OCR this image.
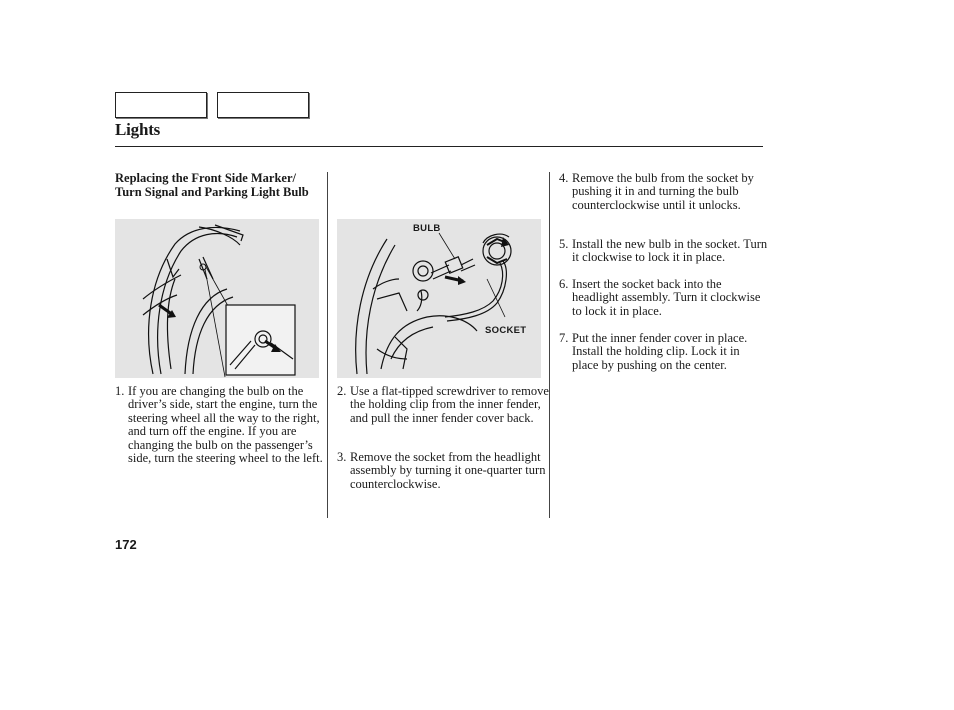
Lights
Replacing the Front Side Marker/ Turn Signal and Parking Light Bulb
BULB
SOCKET
1. If you are changing the bulb on the driver’s side, start the engine, turn the steering wheel all the way to the right, and turn off the engine. If you are changing the bulb on the passenger’s side, turn the steering wheel to the left.
2. Use a flat-tipped screwdriver to remove the holding clip from the inner fender, and pull the inner fender cover back.
3. Remove the socket from the headlight assembly by turning it one-quarter turn counterclockwise.
4. Remove the bulb from the socket by pushing it in and turning the bulb counterclockwise until it unlocks.
5. Install the new bulb in the socket. Turn it clockwise to lock it in place.
6. Insert the socket back into the headlight assembly. Turn it clockwise to lock it in place.
7. Put the inner fender cover in place. Install the holding clip. Lock it in place by pushing on the center.
172
